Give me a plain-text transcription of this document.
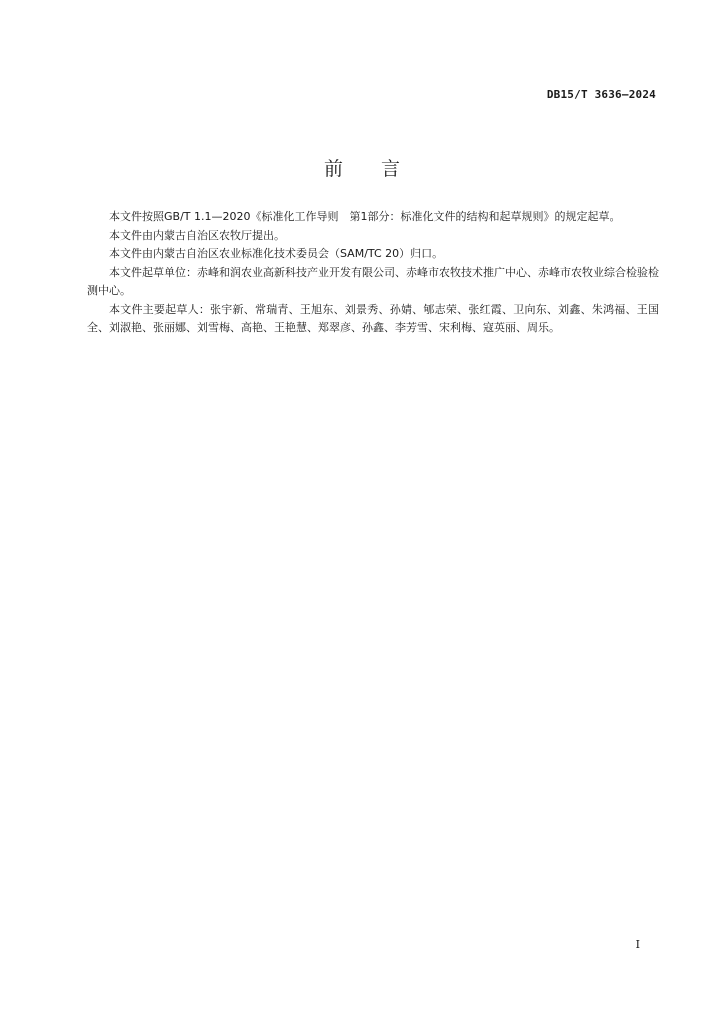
DB15/T 3636—2024
前言

本文件按照GB/T 1.1—2020《标准化工作导则　第1部分：标准化文件的结构和起草规则》的规定起草。

本文件由内蒙古自治区农牧厅提出。

本文件由内蒙古自治区农业标准化技术委员会（SAM/TC 20）归口。

本文件起草单位：赤峰和润农业高新科技产业开发有限公司、赤峰市农牧技术推广中心、赤峰市农牧业综合检验检测中心。

本文件主要起草人：张宇新、常瑞青、王旭东、刘景秀、孙婧、郇志荣、张红霞、卫向东、刘鑫、朱鸿福、王国全、刘淑艳、张丽娜、刘雪梅、高艳、王艳慧、郑翠彦、孙鑫、李芳雪、宋利梅、寇英丽、周乐。

I
